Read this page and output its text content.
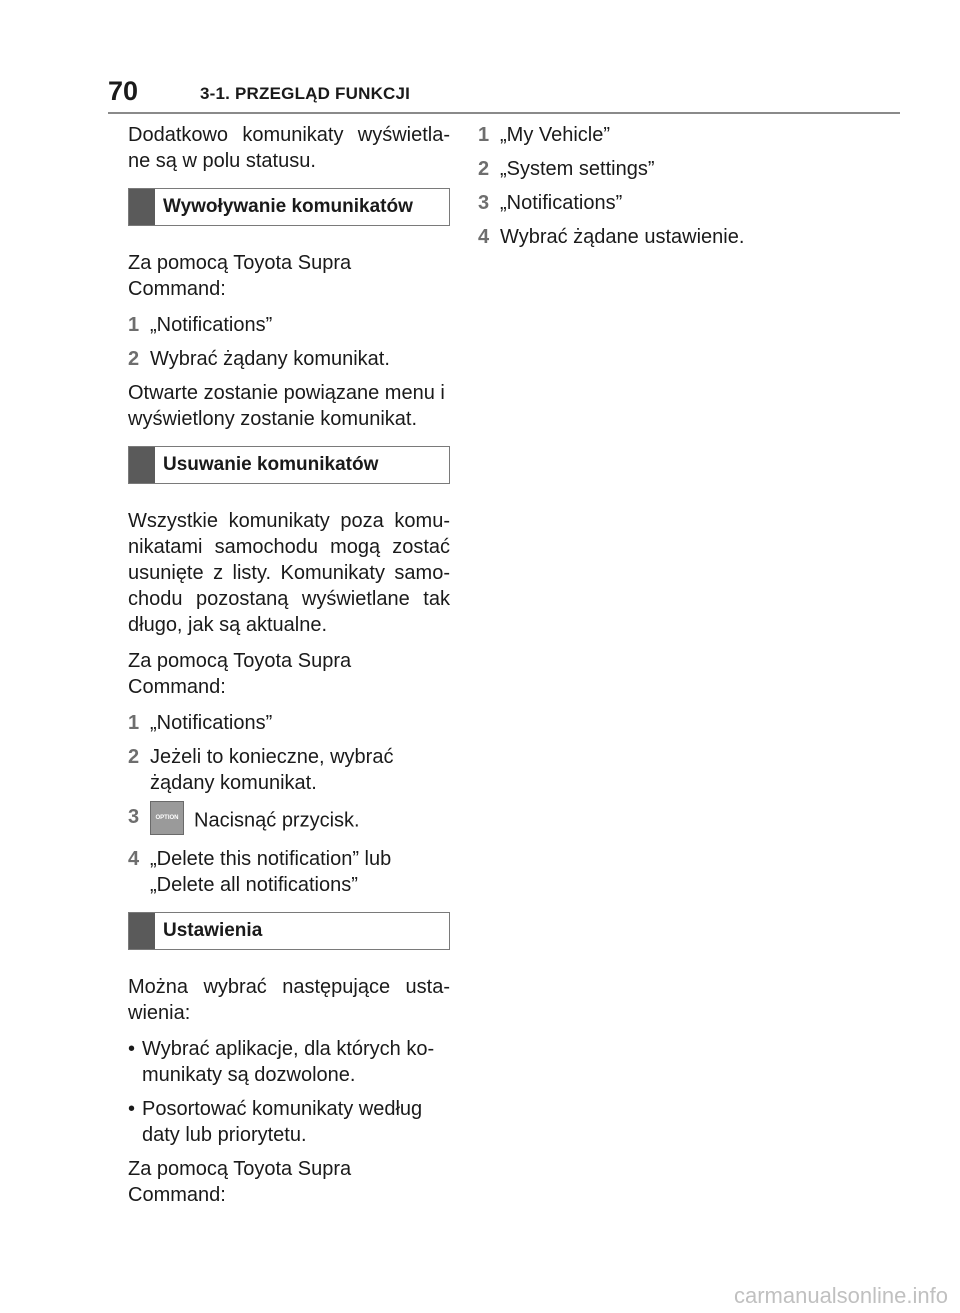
70	3-1. PRZEGLĄD FUNKCJI

Dodatkowo komunikaty wyświetla-ne są w polu statusu.

Wywoływanie komunikatów

Za pomocą Toyota Supra Command:

1 „Notifications”
2 Wybrać żądany komunikat.

Otwarte zostanie powiązane menu i wyświetlony zostanie komunikat.

Usuwanie komunikatów

Wszystkie komunikaty poza komu-nikatami samochodu mogą zostać usunięte z listy. Komunikaty samo-chodu pozostaną wyświetlane tak długo, jak są aktualne.

Za pomocą Toyota Supra Command:

1 „Notifications”
2 Jeżeli to konieczne, wybrać żądany komunikat.
3	OPTION Nacisnąć przycisk.
4 „Delete this notification” lub „Delete all notifications”
Ustawienia

Można wybrać następujące usta-wienia:

• Wybrać aplikacje, dla których ko-munikaty są dozwolone.
• Posortować komunikaty według daty lub priorytetu.

Za pomocą Toyota Supra Command:

1 „My Vehicle”
2 „System settings”
3 „Notifications”
4 Wybrać żądane ustawienie.
carmanualsonline.info
